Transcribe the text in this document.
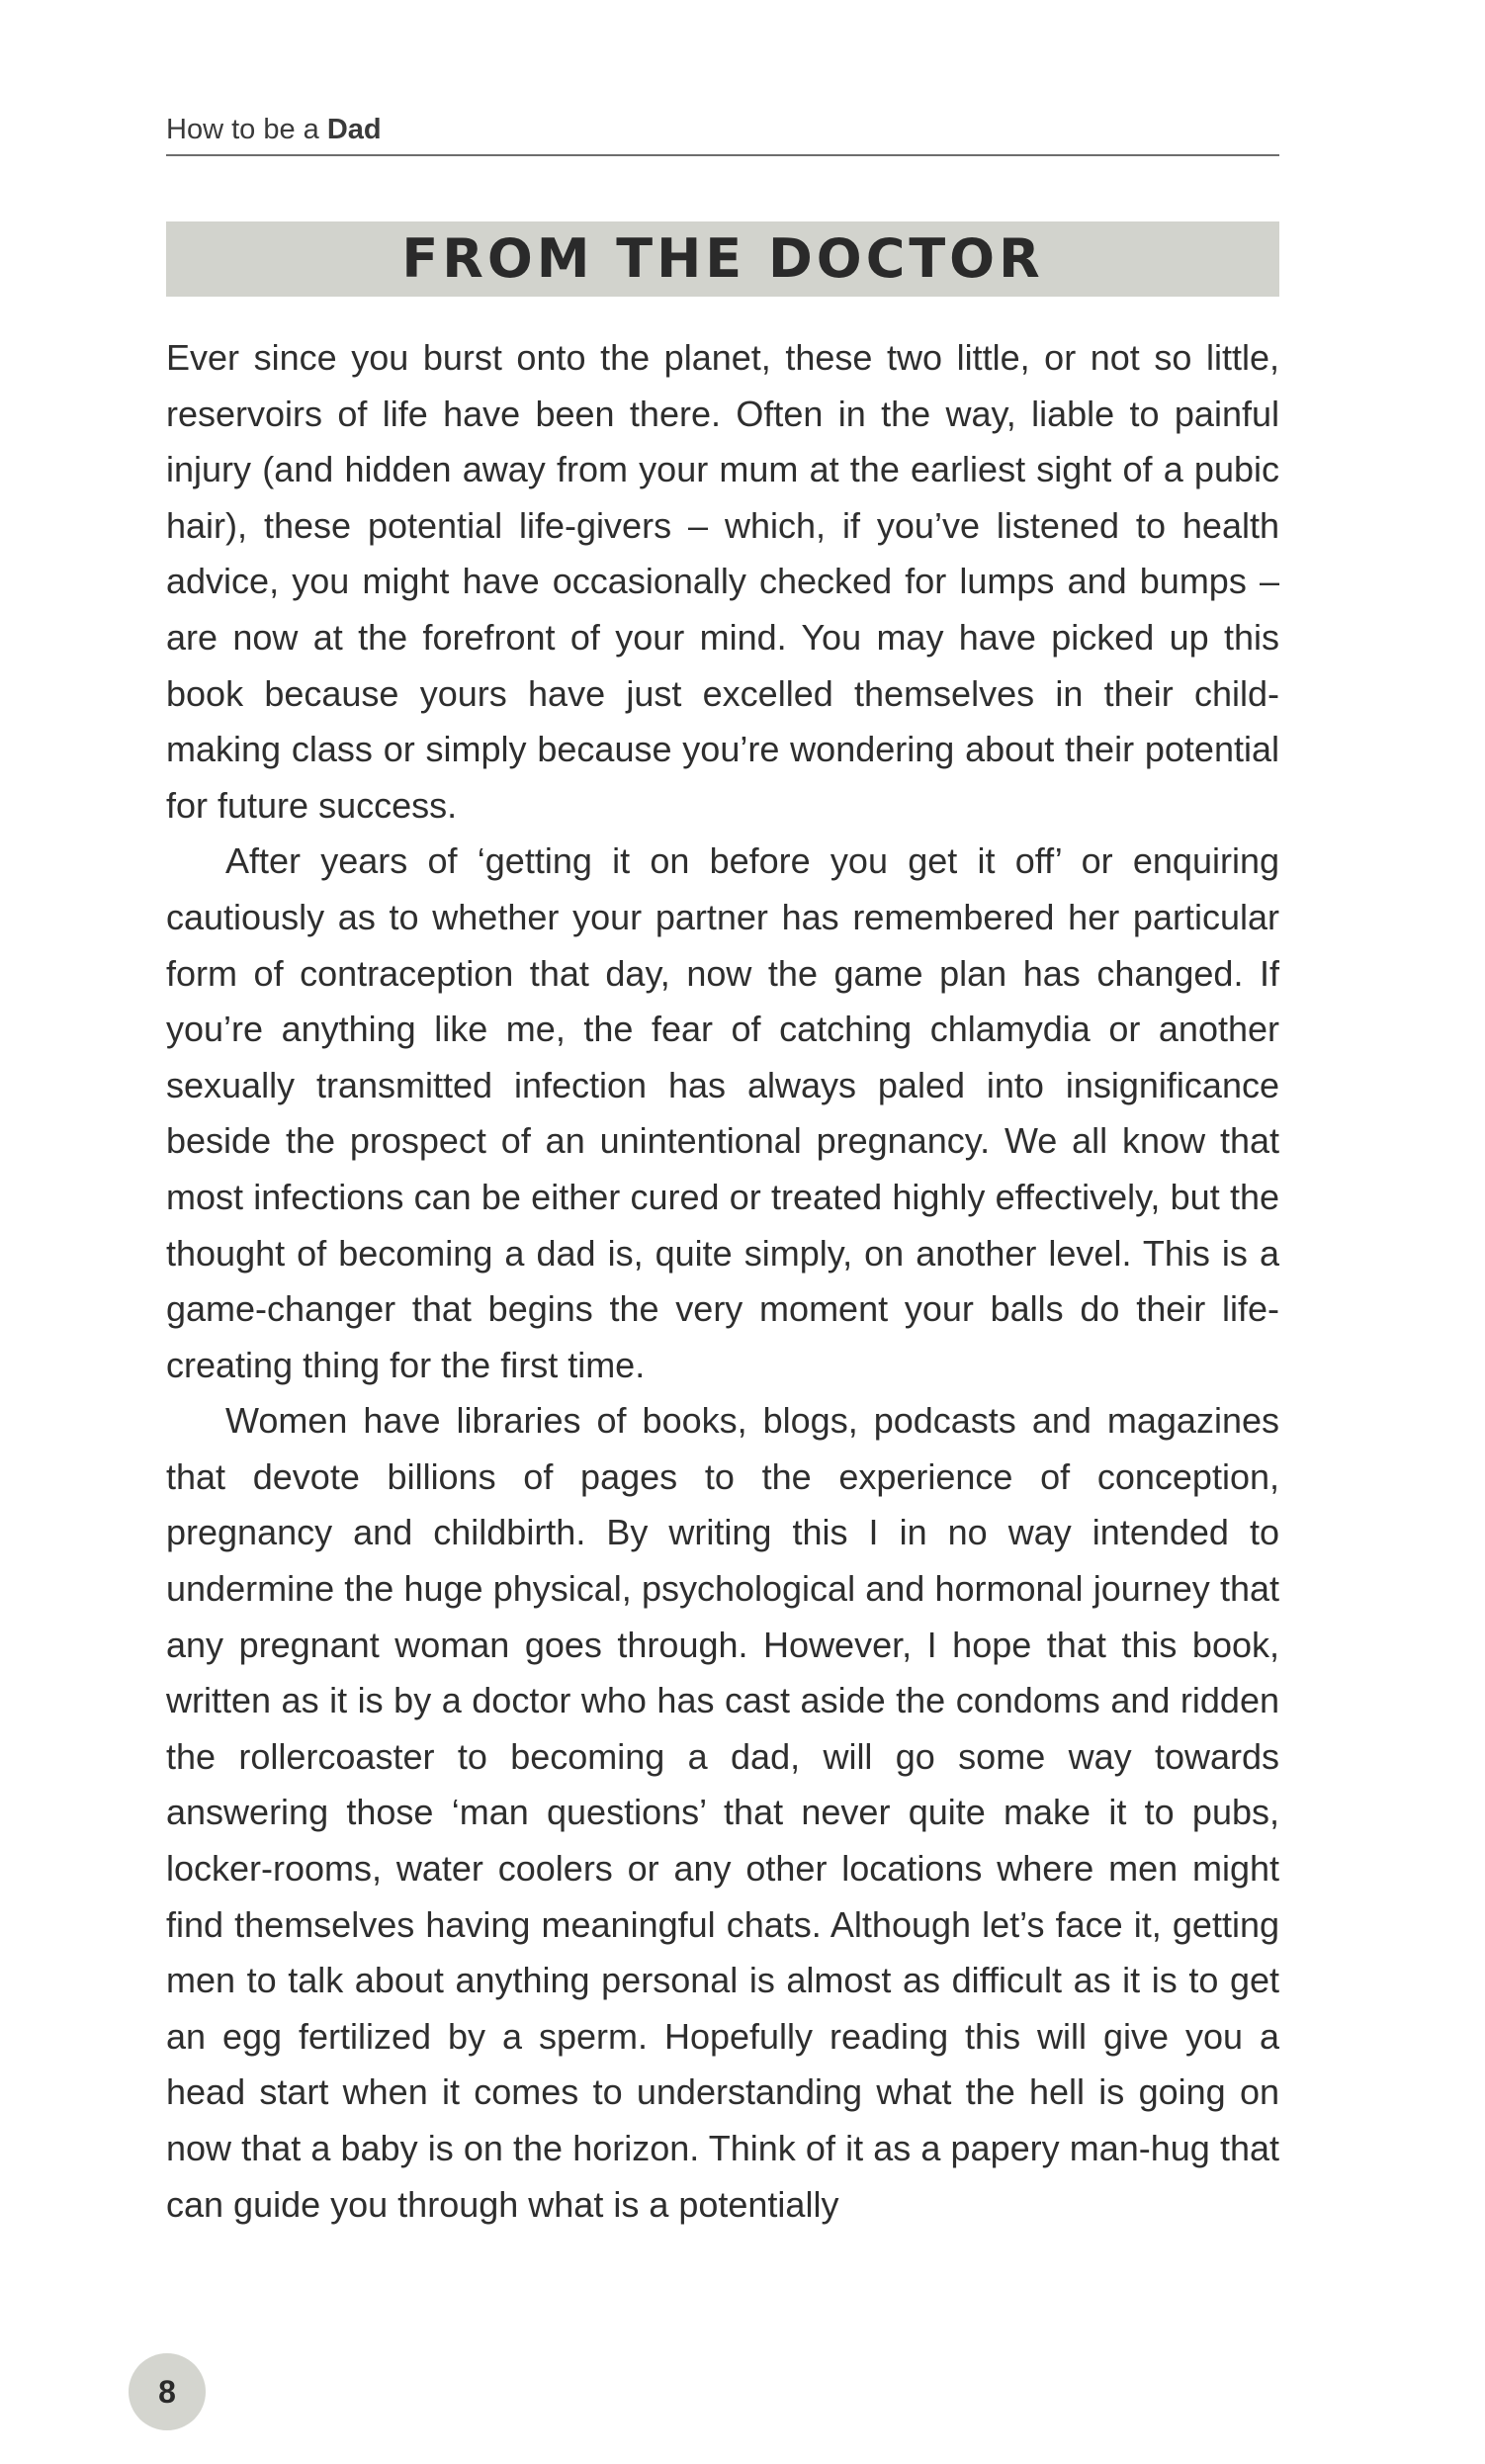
How to be a Dad
FROM THE DOCTOR

Ever since you burst onto the planet, these two little, or not so little, reservoirs of life have been there. Often in the way, liable to painful injury (and hidden away from your mum at the earliest sight of a pubic hair), these potential life-givers – which, if you’ve listened to health advice, you might have occasionally checked for lumps and bumps – are now at the forefront of your mind. You may have picked up this book because yours have just excelled themselves in their child-making class or simply because you’re wondering about their potential for future success.

After years of ‘getting it on before you get it off’ or enquiring cautiously as to whether your partner has remembered her particular form of contraception that day, now the game plan has changed. If you’re anything like me, the fear of catching chlamydia or another sexually transmitted infection has always paled into insignificance beside the prospect of an unintentional pregnancy. We all know that most infections can be either cured or treated highly effectively, but the thought of becoming a dad is, quite simply, on another level. This is a game-changer that begins the very moment your balls do their life-creating thing for the first time.

Women have libraries of books, blogs, podcasts and magazines that devote billions of pages to the experience of conception, pregnancy and childbirth. By writing this I in no way intended to undermine the huge physical, psychological and hormonal journey that any pregnant woman goes through. However, I hope that this book, written as it is by a doctor who has cast aside the condoms and ridden the rollercoaster to becoming a dad, will go some way towards answering those ‘man questions’ that never quite make it to pubs, locker-rooms, water coolers or any other locations where men might find themselves having meaningful chats. Although let’s face it, getting men to talk about anything personal is almost as difficult as it is to get an egg fertilized by a sperm. Hopefully reading this will give you a head start when it comes to understanding what the hell is going on now that a baby is on the horizon. Think of it as a papery man-hug that can guide you through what is a potentially

8
